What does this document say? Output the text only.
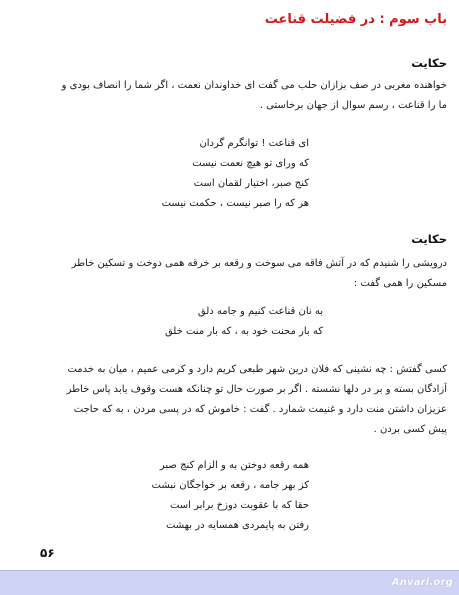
باب سوم : در فضیلت قناعت
حکایت

خواهنده مغربی در صف بزازان حلب می گفت ای خداوندان نعمت ، اگر شما را انصاف بودی و
ما را قناعت ، رسم سوال از جهان برخاستی .

ای قناعت ! توانگرم گردان
که ورای تو هیچ نعمت نیست
کنج صبر، اختیار لقمان است
هر که را صبر نیست ، حکمت نیست
حکایت

درویشی را شنیدم که در آتش فاقه می سوخت و رقعه بر خرقه همی دوخت و تسکین خاطر
مسکین را همی گفت :

به نان قناعت کنیم و جامه دلق
که بار محنت خود به ، که بار منت خلق

کسی گفتش : چه نشینی که فلان درین شهر طبعی کریم دارد و کرمی عمیم ، میان به خدمت
آزادگان بسته و بر در دلها نشسته . اگر بر صورت حال تو چنانکه هست وقوف یابد پاس خاطر
عزیزان داشتن منت دارد و غنیمت شمارد . گفت : خاموش که در پسی مردن ، به که حاجت
پیش کسی بردن .

همه رقعه دوختن به و الزام کنج صبر
کز بهر جامه ، رقعه بر خواجگان نبشت
حقا که با عقوبت دوزخ برابر است
رفتن به پایمردی همسایه در بهشت
۵۶
Anvari.org
